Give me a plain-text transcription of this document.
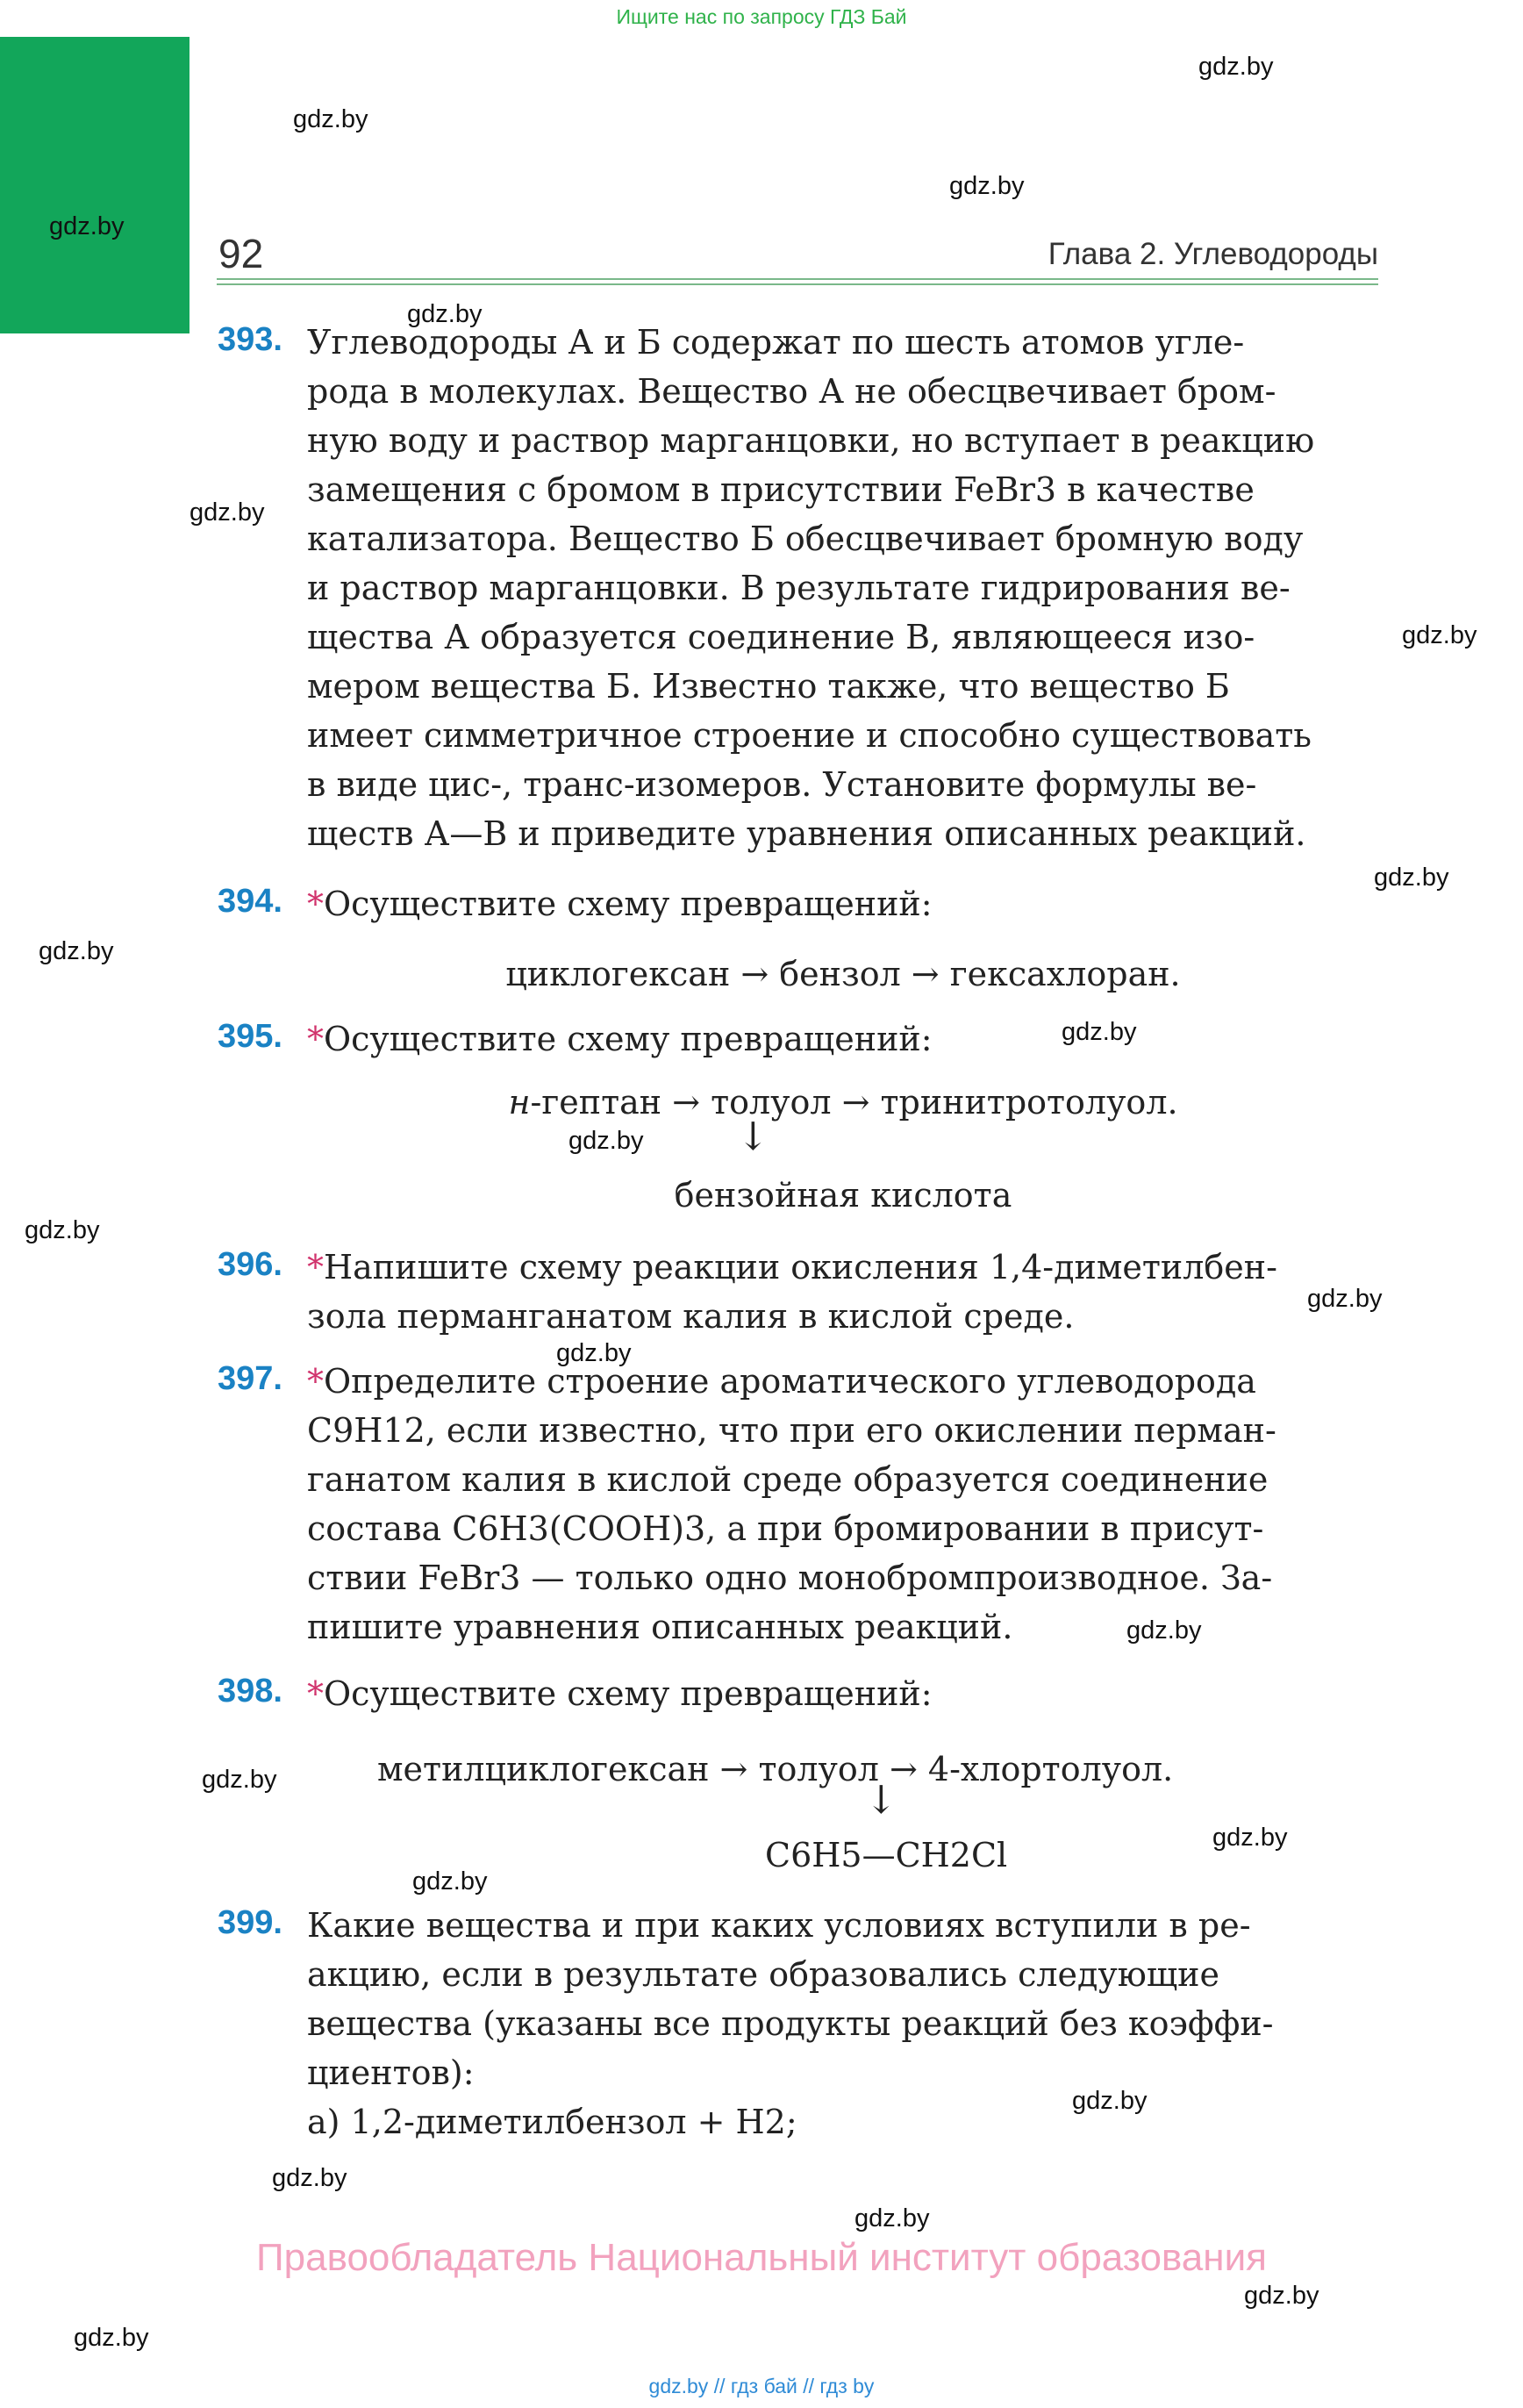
Ищите нас по запросу ГДЗ Бай
gdz.by
gdz.by
gdz.by
gdz.by
gdz.by
gdz.by
gdz.by
gdz.by
gdz.by
gdz.by
gdz.by
gdz.by
gdz.by
gdz.by
gdz.by
gdz.by
gdz.by
gdz.by
gdz.by
gdz.by
gdz.by
gdz.by
gdz.by
92	Глава 2. Углеводороды
393. Углеводороды А и Б содержат по шесть атомов угле-
рода в молекулах. Вещество А не обесцвечивает бром-
ную воду и раствор марганцовки, но вступает в реакцию
замещения с бромом в присутствии FeBr3 в качестве
катализатора. Вещество Б обесцвечивает бромную воду
и раствор марганцовки. В результате гидрирования ве-
щества А образуется соединение В, являющееся изо-
мером вещества Б. Известно также, что вещество Б
имеет симметричное строение и способно существовать
в виде цис-, транс-изомеров. Установите формулы ве-
ществ А—В и приведите уравнения описанных реакций.
394. *Осуществите схему превращений:
циклогексан → бензол → гексахлоран.
395. *Осуществите схему превращений:
н-гептан → толуол → тринитротолуол.
↓
бензойная кислота
396. *Напишите схему реакции окисления 1,4-диметилбен-
зола перманганатом калия в кислой среде.
397. *Определите строение ароматического углеводорода
C9H12, если известно, что при его окислении перман-
ганатом калия в кислой среде образуется соединение
состава C6H3(COOH)3, а при бромировании в присут-
ствии FeBr3 — только одно монобромпроизводное. За-
пишите уравнения описанных реакций.
398. *Осуществите схему превращений:
метилциклогексан → толуол → 4-хлортолуол.
↓
C6H5—CH2Cl
399. Какие вещества и при каких условиях вступили в ре-
акцию, если в результате образовались следующие
вещества (указаны все продукты реакций без коэффи-
циентов):
а) 1,2-диметилбензол + H2;
Правообладатель Национальный институт образования
gdz.by // гдз бай // гдз by
